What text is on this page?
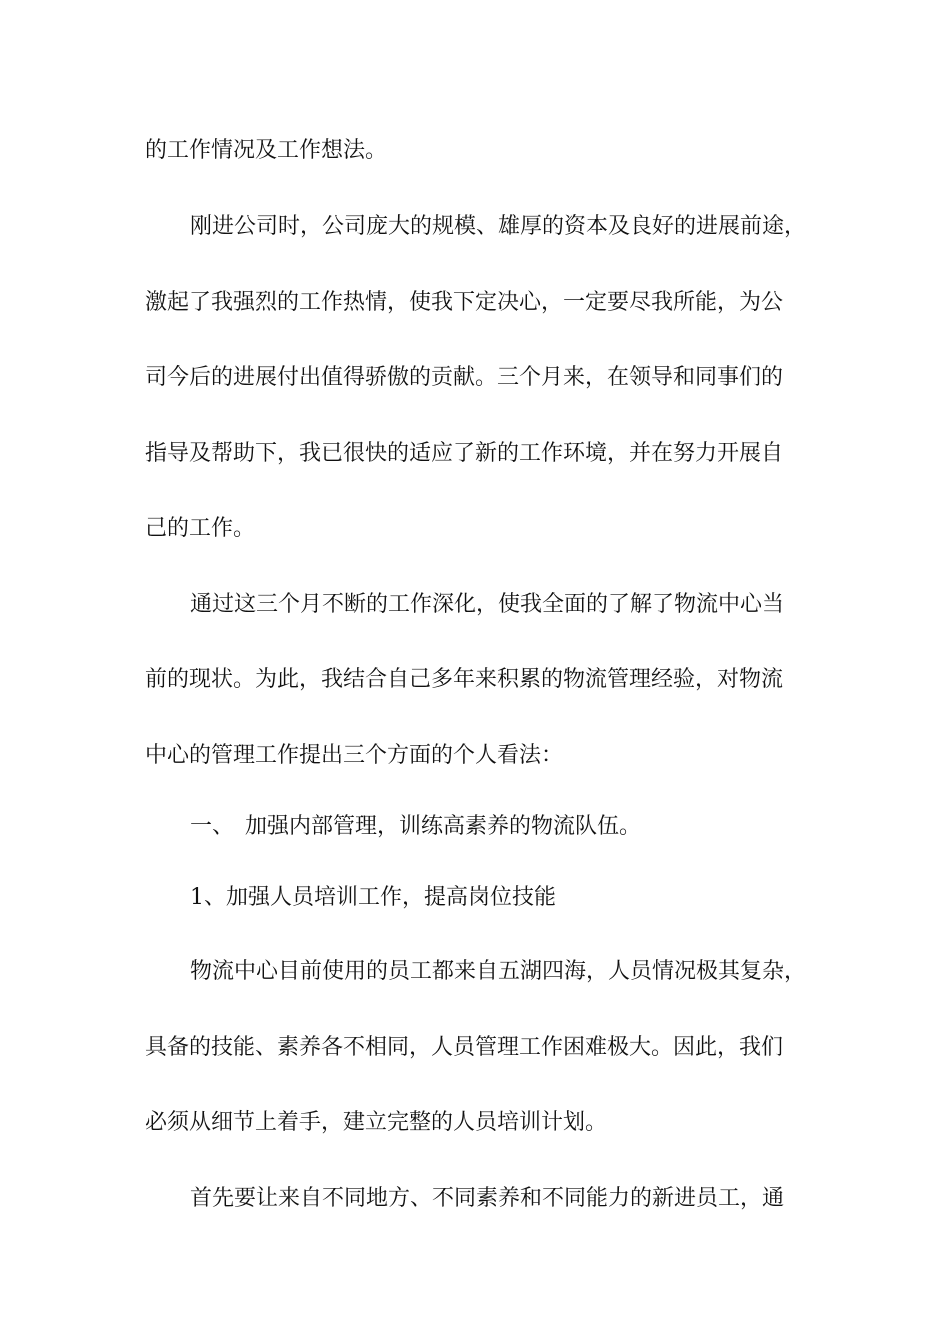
的工作情况及工作想法。

刚进公司时，公司庞大的规模、雄厚的资本及良好的进展前途，

激起了我强烈的工作热情，使我下定决心，一定要尽我所能，为公

司今后的进展付出值得骄傲的贡献。三个月来，在领导和同事们的

指导及帮助下，我已很快的适应了新的工作环境，并在努力开展自

己的工作。

通过这三个月不断的工作深化，使我全面的了解了物流中心当

前的现状。为此，我结合自己多年来积累的物流管理经验，对物流

中心的管理工作提出三个方面的个人看法：

一、 加强内部管理，训练高素养的物流队伍。

1、加强人员培训工作，提高岗位技能

物流中心目前使用的员工都来自五湖四海，人员情况极其复杂，

具备的技能、素养各不相同，人员管理工作困难极大。因此，我们

必须从细节上着手，建立完整的人员培训计划。

首先要让来自不同地方、不同素养和不同能力的新进员工，通
